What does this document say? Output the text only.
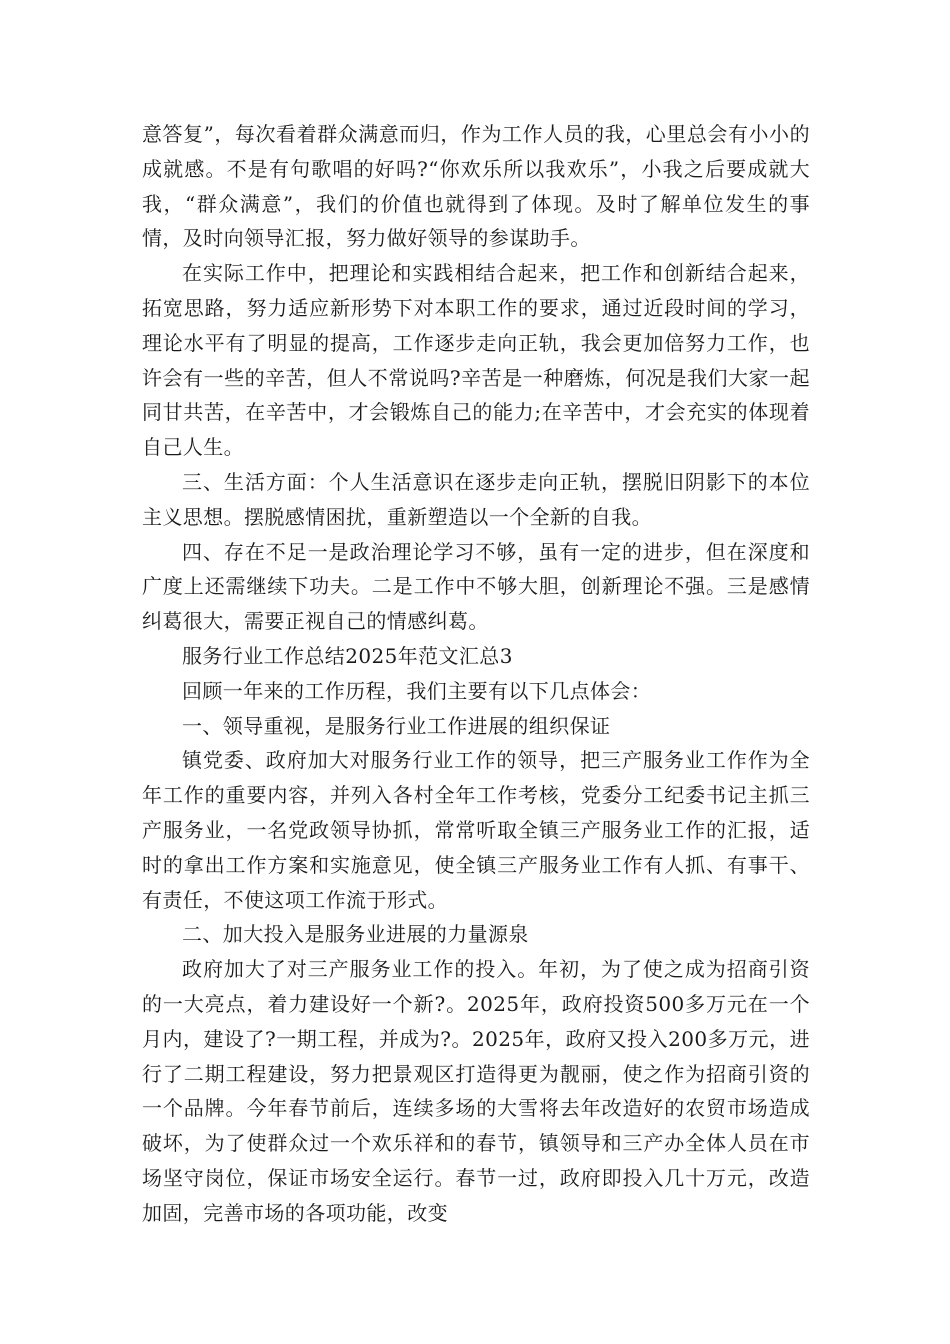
意答复”，每次看着群众满意而归，作为工作人员的我，心里总会有小小的成就感。不是有句歌唱的好吗?“你欢乐所以我欢乐”，小我之后要成就大我，“群众满意”，我们的价值也就得到了体现。及时了解单位发生的事情，及时向领导汇报，努力做好领导的参谋助手。

在实际工作中，把理论和实践相结合起来，把工作和创新结合起来，拓宽思路，努力适应新形势下对本职工作的要求，通过近段时间的学习，理论水平有了明显的提高，工作逐步走向正轨，我会更加倍努力工作，也许会有一些的辛苦，但人不常说吗?辛苦是一种磨炼，何况是我们大家一起同甘共苦，在辛苦中，才会锻炼自己的能力;在辛苦中，才会充实的体现着自己人生。

三、生活方面：个人生活意识在逐步走向正轨，摆脱旧阴影下的本位主义思想。摆脱感情困扰，重新塑造以一个全新的自我。

四、存在不足一是政治理论学习不够，虽有一定的进步，但在深度和广度上还需继续下功夫。二是工作中不够大胆，创新理论不强。三是感情纠葛很大，需要正视自己的情感纠葛。

服务行业工作总结2025年范文汇总3

回顾一年来的工作历程，我们主要有以下几点体会：

一、领导重视，是服务行业工作进展的组织保证

镇党委、政府加大对服务行业工作的领导，把三产服务业工作作为全年工作的重要内容，并列入各村全年工作考核，党委分工纪委书记主抓三产服务业，一名党政领导协抓，常常听取全镇三产服务业工作的汇报，适时的拿出工作方案和实施意见，使全镇三产服务业工作有人抓、有事干、有责任，不使这项工作流于形式。

二、加大投入是服务业进展的力量源泉

政府加大了对三产服务业工作的投入。年初，为了使之成为招商引资的一大亮点，着力建设好一个新?。2025年，政府投资500多万元在一个月内，建设了?一期工程，并成为?。2025年，政府又投入200多万元，进行了二期工程建设，努力把景观区打造得更为靓丽，使之作为招商引资的一个品牌。今年春节前后，连续多场的大雪将去年改造好的农贸市场造成破坏，为了使群众过一个欢乐祥和的春节，镇领导和三产办全体人员在市场坚守岗位，保证市场安全运行。春节一过，政府即投入几十万元，改造加固，完善市场的各项功能，改变
